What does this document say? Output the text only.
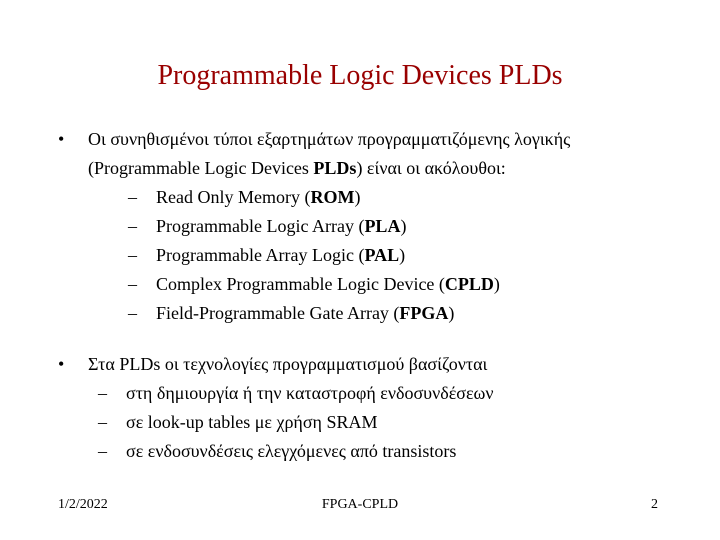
Programmable Logic Devices PLDs
• Οι συνηθισμένοι τύποι εξαρτημάτων προγραμματιζόμενης λογικής
(Programmable Logic Devices PLDs) είναι οι ακόλουθοι:
– Read Only Memory (ROM)
– Programmable Logic Array (PLA)
– Programmable Array Logic (PAL)
– Complex Programmable Logic Device (CPLD)
– Field-Programmable Gate Array (FPGA)
• Στα PLDs οι τεχνολογίες προγραμματισμού βασίζονται
– στη δημιουργία ή την καταστροφή ενδοσυνδέσεων
– σε look-up tables με χρήση SRAM
– σε ενδοσυνδέσεις ελεγχόμενες από transistors
1/2/2022	FPGA-CPLD	2
